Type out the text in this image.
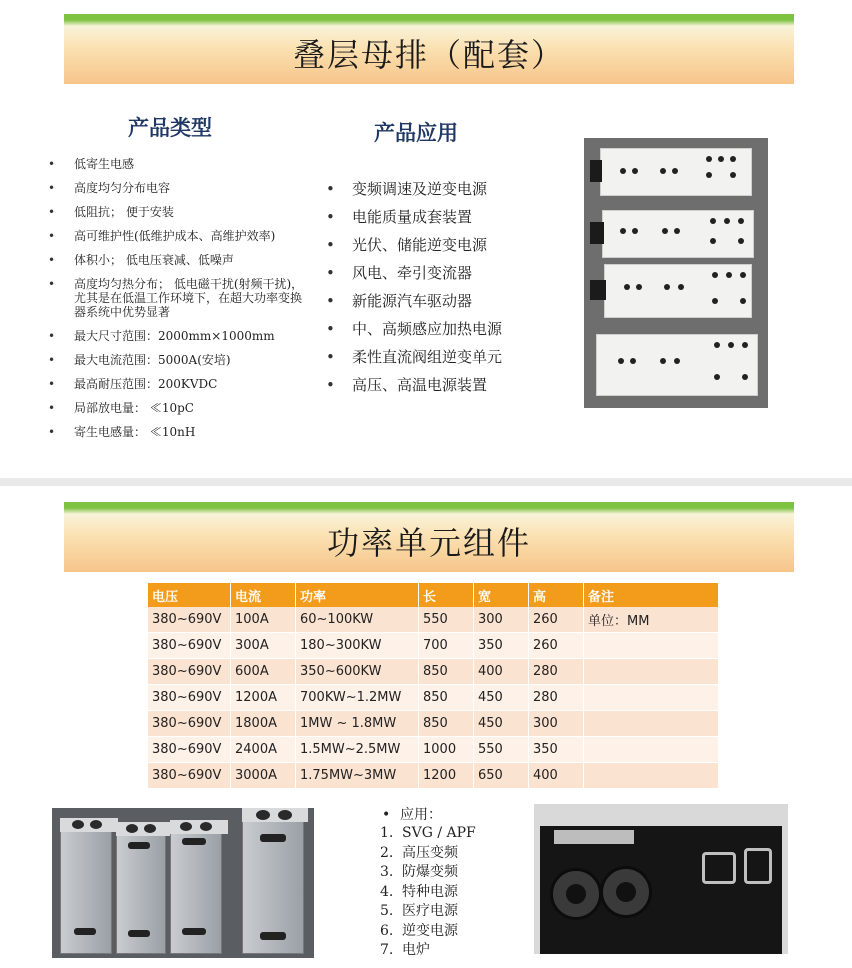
叠层母排（配套）
产品类型	产品应用
• 低寄生电感
• 高度均匀分布电容
• 低阻抗； 便于安装
• 高可维护性(低维护成本、高维护效率)
• 体积小； 低电压衰减、低噪声
• 高度均匀热分布； 低电磁干扰(射频干扰)，尤其是在低温工作环境下，在超大功率变换器系统中优势显著
• 最大尺寸范围：2000mm×1000mm
• 最大电流范围：5000A(安培)
• 最高耐压范围：200KVDC
• 局部放电量： ≪10pC
• 寄生电感量： ≪10nH
• 变频调速及逆变电源
• 电能质量成套装置
• 光伏、储能逆变电源
• 风电、牵引变流器
• 新能源汽车驱动器
• 中、高频感应加热电源
• 柔性直流阀组逆变单元
• 高压、高温电源装置
功率单元组件
电压	电流	功率	长	宽	高	备注
380~690V	100A	60~100KW	550	300	260	单位：MM
380~690V	300A	180~300KW	700	350	260	
380~690V	600A	350~600KW	850	400	280	
380~690V	1200A	700KW~1.2MW	850	450	280	
380~690V	1800A	1MW ~ 1.8MW	850	450	300	
380~690V	2400A	1.5MW~2.5MW	1000	550	350	
380~690V	3000A	1.75MW~3MW	1200	650	400	
• 应用：
1. SVG / APF
2. 高压变频
3. 防爆变频
4. 特种电源
5. 医疗电源
6. 逆变电源
7. 电炉
